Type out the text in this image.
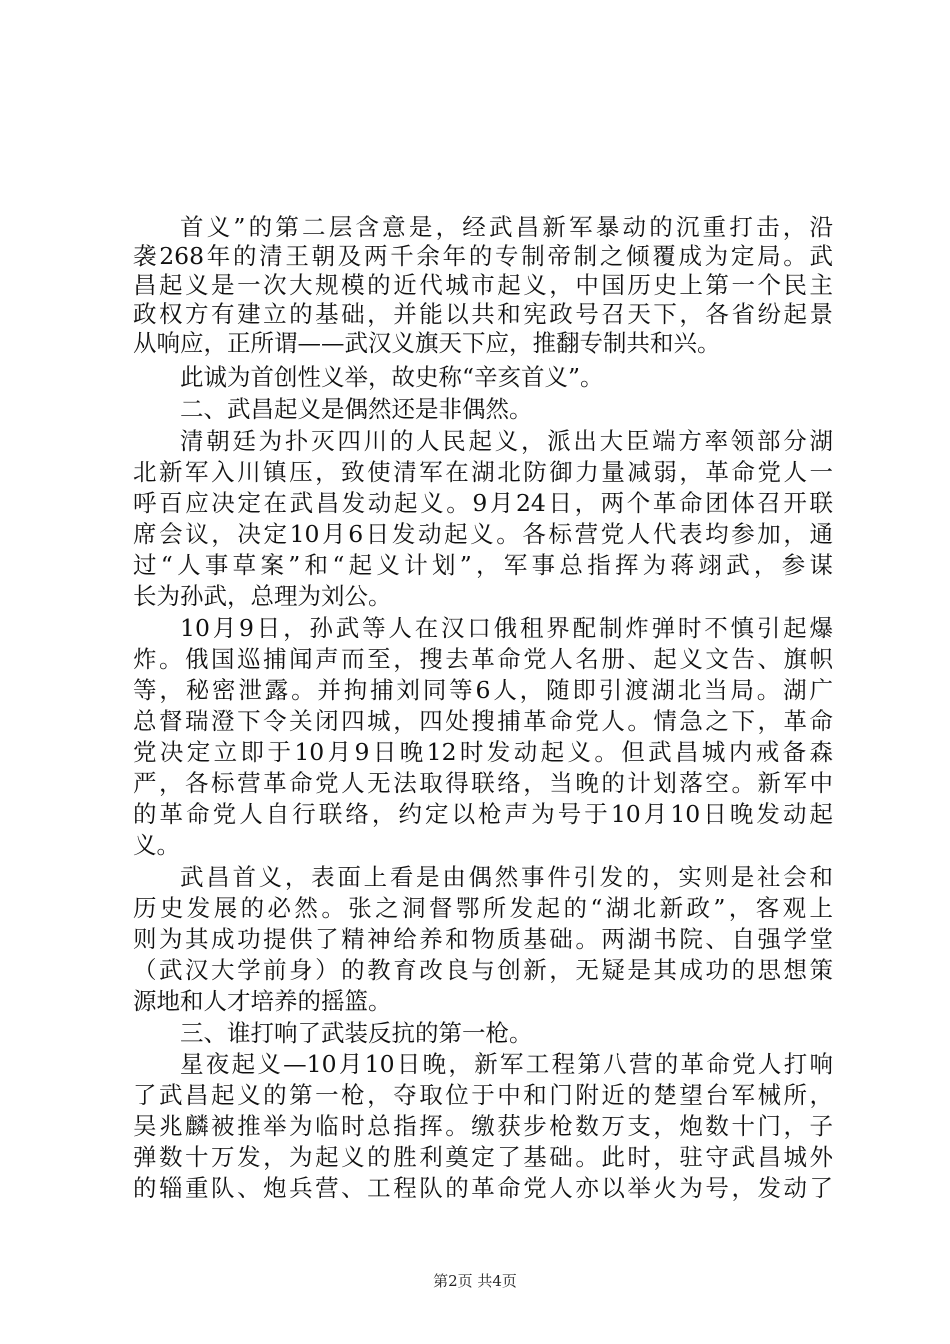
首义”的第二层含意是，经武昌新军暴动的沉重打击，沿
袭268年的清王朝及两千余年的专制帝制之倾覆成为定局。武
昌起义是一次大规模的近代城市起义，中国历史上第一个民主
政权方有建立的基础，并能以共和宪政号召天下，各省纷起景
从响应，正所谓——武汉义旗天下应，推翻专制共和兴。
此诚为首创性义举，故史称“辛亥首义”。
二、武昌起义是偶然还是非偶然。
清朝廷为扑灭四川的人民起义，派出大臣端方率领部分湖
北新军入川镇压，致使清军在湖北防御力量减弱，革命党人一
呼百应决定在武昌发动起义。9月24日，两个革命团体召开联
席会议，决定10月6日发动起义。各标营党人代表均参加，通
过“人事草案”和“起义计划”，军事总指挥为蒋翊武，参谋
长为孙武，总理为刘公。
10月9日，孙武等人在汉口俄租界配制炸弹时不慎引起爆
炸。俄国巡捕闻声而至，搜去革命党人名册、起义文告、旗帜
等，秘密泄露。并拘捕刘同等6人，随即引渡湖北当局。湖广
总督瑞澄下令关闭四城，四处搜捕革命党人。情急之下，革命
党决定立即于10月9日晚12时发动起义。但武昌城内戒备森
严，各标营革命党人无法取得联络，当晚的计划落空。新军中
的革命党人自行联络，约定以枪声为号于10月10日晚发动起
义。
武昌首义，表面上看是由偶然事件引发的，实则是社会和
历史发展的必然。张之洞督鄂所发起的“湖北新政”，客观上
则为其成功提供了精神给养和物质基础。两湖书院、自强学堂
（武汉大学前身）的教育改良与创新，无疑是其成功的思想策
源地和人才培养的摇篮。
三、谁打响了武装反抗的第一枪。
星夜起义—10月10日晚，新军工程第八营的革命党人打响
了武昌起义的第一枪，夺取位于中和门附近的楚望台军械所，
吴兆麟被推举为临时总指挥。缴获步枪数万支，炮数十门，子
弹数十万发，为起义的胜利奠定了基础。此时，驻守武昌城外
的辎重队、炮兵营、工程队的革命党人亦以举火为号，发动了
第2页 共4页
